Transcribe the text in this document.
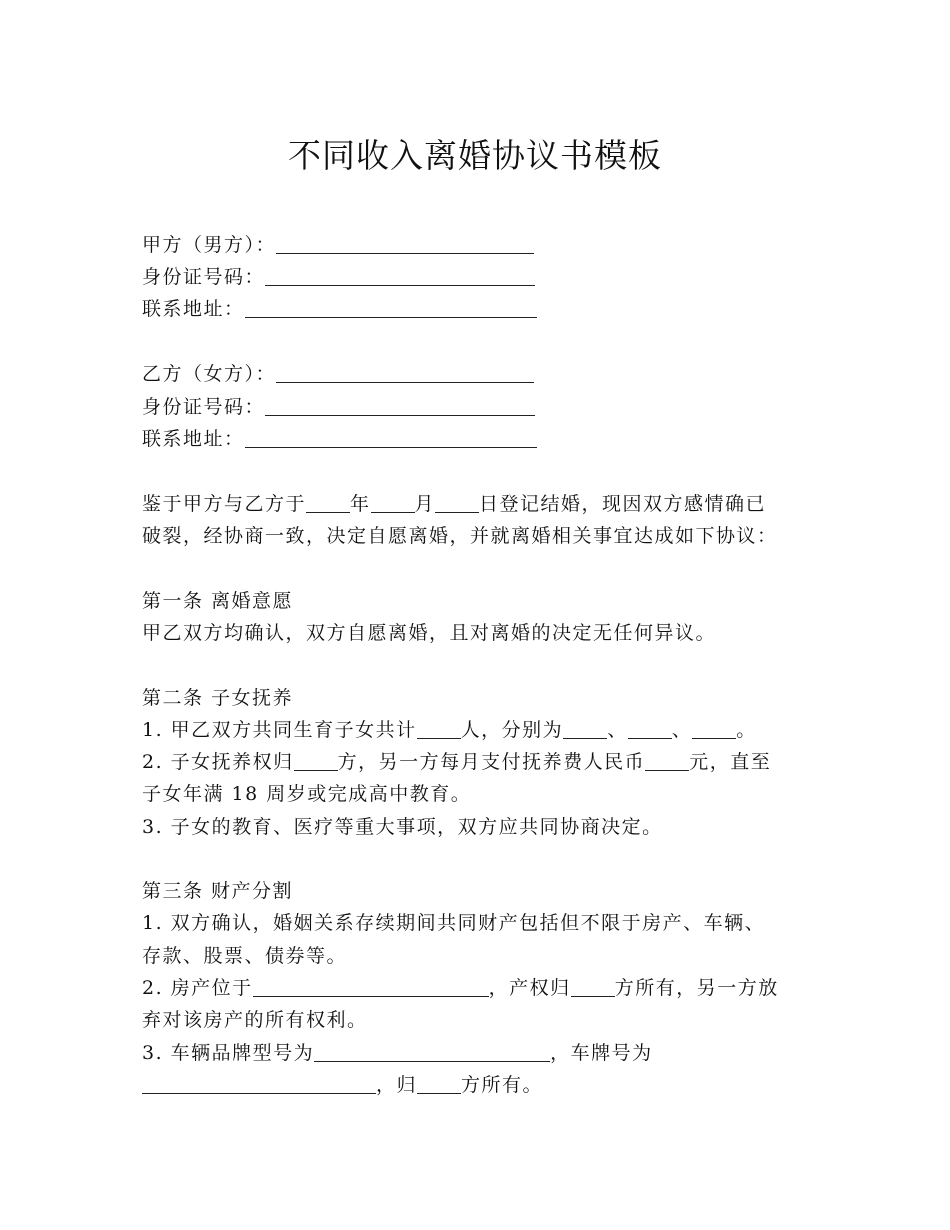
不同收入离婚协议书模板
甲方（男方）：
身份证号码：
联系地址：
乙方（女方）：
身份证号码：
联系地址：
鉴于甲方与乙方于 年 月 日登记结婚，现因双方感情确已
破裂，经协商一致，决定自愿离婚，并就离婚相关事宜达成如下协议：
第一条 离婚意愿
甲乙双方均确认，双方自愿离婚，且对离婚的决定无任何异议。
第二条 子女抚养
1. 甲乙双方共同生育子女共计 人，分别为 、 、 。
2. 子女抚养权归 方，另一方每月支付抚养费人民币 元，直至
子女年满 18 周岁或完成高中教育。
3. 子女的教育、医疗等重大事项，双方应共同协商决定。
第三条 财产分割
1. 双方确认，婚姻关系存续期间共同财产包括但不限于房产、车辆、
存款、股票、债券等。
2. 房产位于	，产权归 方所有，另一方放
弃对该房产的所有权利。
3. 车辆品牌型号为	，车牌号为
，归 方所有。
